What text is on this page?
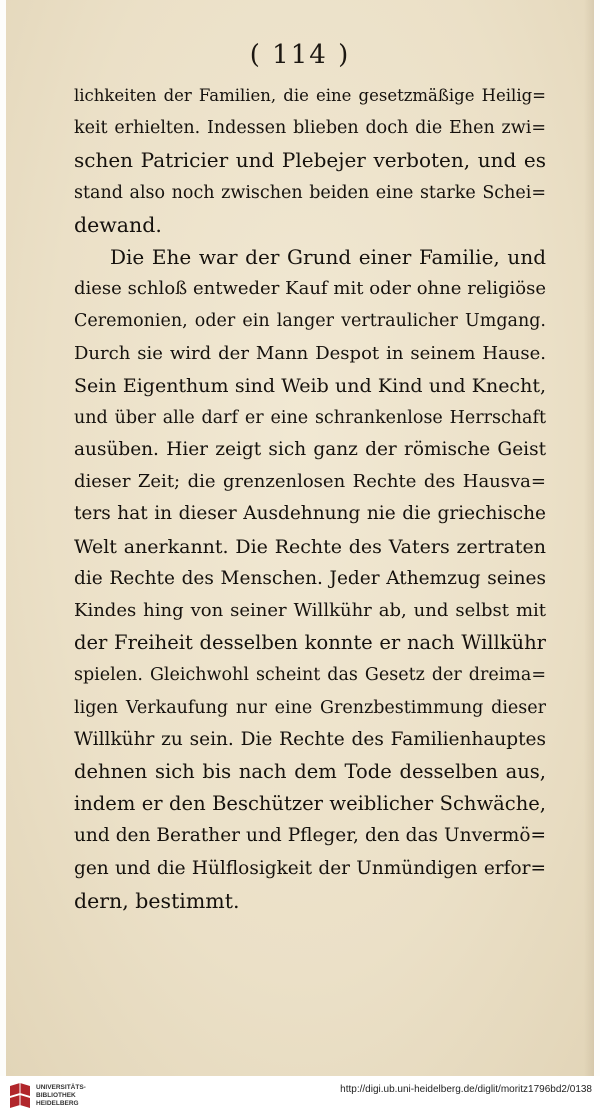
( 114 )
lichkeiten der Familien, die eine gesetzmäßige Heilig=
keit erhielten. Indessen blieben doch die Ehen zwi=
schen Patricier und Plebejer verboten, und es
stand also noch zwischen beiden eine starke Schei=
dewand.
Die Ehe war der Grund einer Familie, und
diese schloß entweder Kauf mit oder ohne religiöse
Ceremonien, oder ein langer vertraulicher Umgang.
Durch sie wird der Mann Despot in seinem Hause.
Sein Eigenthum sind Weib und Kind und Knecht,
und über alle darf er eine schrankenlose Herrschaft
ausüben. Hier zeigt sich ganz der römische Geist
dieser Zeit; die grenzenlosen Rechte des Hausva=
ters hat in dieser Ausdehnung nie die griechische
Welt anerkannt. Die Rechte des Vaters zertraten
die Rechte des Menschen. Jeder Athemzug seines
Kindes hing von seiner Willkühr ab, und selbst mit
der Freiheit desselben konnte er nach Willkühr
spielen. Gleichwohl scheint das Gesetz der dreima=
ligen Verkaufung nur eine Grenzbestimmung dieser
Willkühr zu sein. Die Rechte des Familienhauptes
dehnen sich bis nach dem Tode desselben aus,
indem er den Beschützer weiblicher Schwäche,
und den Berather und Pfleger, den das Unvermö=
gen und die Hülflosigkeit der Unmündigen erfor=
dern, bestimmt.
UNIVERSITÄTS-
BIBLIOTHEK
HEIDELBERG
http://digi.ub.uni-heidelberg.de/diglit/moritz1796bd2/0138
